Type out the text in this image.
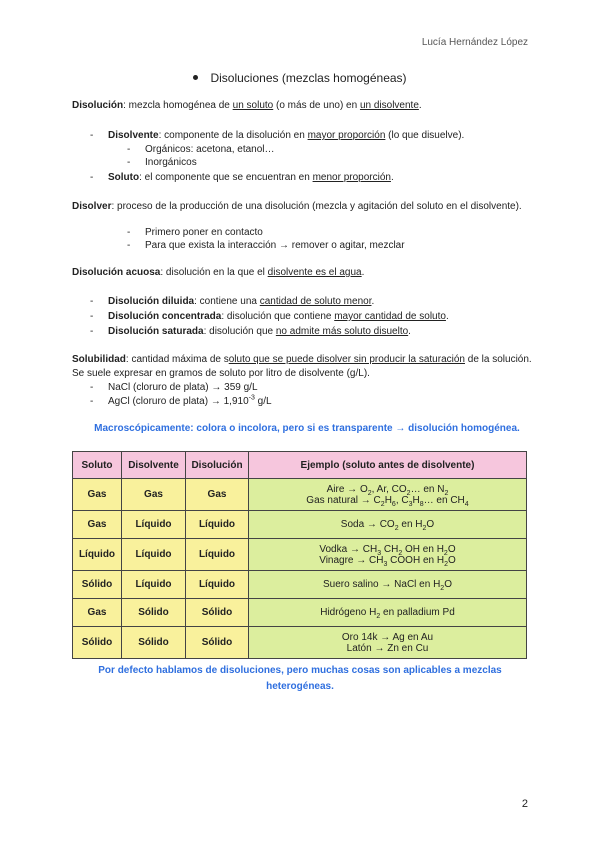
Lucía Hernández López
Disoluciones (mezclas homogéneas)
Disolución: mezcla homogénea de un soluto (o más de uno) en un disolvente.
- Disolvente: componente de la disolución en mayor proporción (lo que disuelve).
- Orgánicos: acetona, etanol…
- Inorgánicos
- Soluto: el componente que se encuentran en menor proporción.
Disolver: proceso de la producción de una disolución (mezcla y agitación del soluto en el disolvente).
- Primero poner en contacto
- Para que exista la interacción → remover o agitar, mezclar
Disolución acuosa: disolución en la que el disolvente es el agua.
- Disolución diluida: contiene una cantidad de soluto menor.
- Disolución concentrada: disolución que contiene mayor cantidad de soluto.
- Disolución saturada: disolución que no admite más soluto disuelto.
Solubilidad: cantidad máxima de soluto que se puede disolver sin producir la saturación de la solución. Se suele expresar en gramos de soluto por litro de disolvente (g/L).
- NaCl (cloruro de plata) → 359 g/L
- AgCl (cloruro de plata) → $1,910^{-3}$ g/L
Macroscópicamente: colora o incolora, pero si es transparente → disolución homogénea.
Soluto	Disolvente	Disolución	Ejemplo (soluto antes de disolvente)
Gas	Gas	Gas	Aire → $O_2$, Ar, $CO_2\dots$ en $N_2$
Gas natural → $C_2H_6$, $C_3H_8\dots$ en $CH_4$

Gas	Líquido	Líquido	Soda → $CO_2$ en $H_2O$
Líquido	Líquido	Líquido	Vodka → $CH_3$ $CH_2$ OH en $H_2O$
Vinagre → $CH_3$ COOH en $H_2O$

Sólido	Líquido	Líquido	Suero salino → NaCl en $H_2O$
Gas	Sólido	Sólido	Hidrógeno $H_2$ en palladium Pd
Sólido	Sólido	Sólido	Oro 14k → Ag en Au
Latón → Zn en Cu
Por defecto hablamos de disoluciones, pero muchas cosas son aplicables a mezclas heterogéneas.
2
